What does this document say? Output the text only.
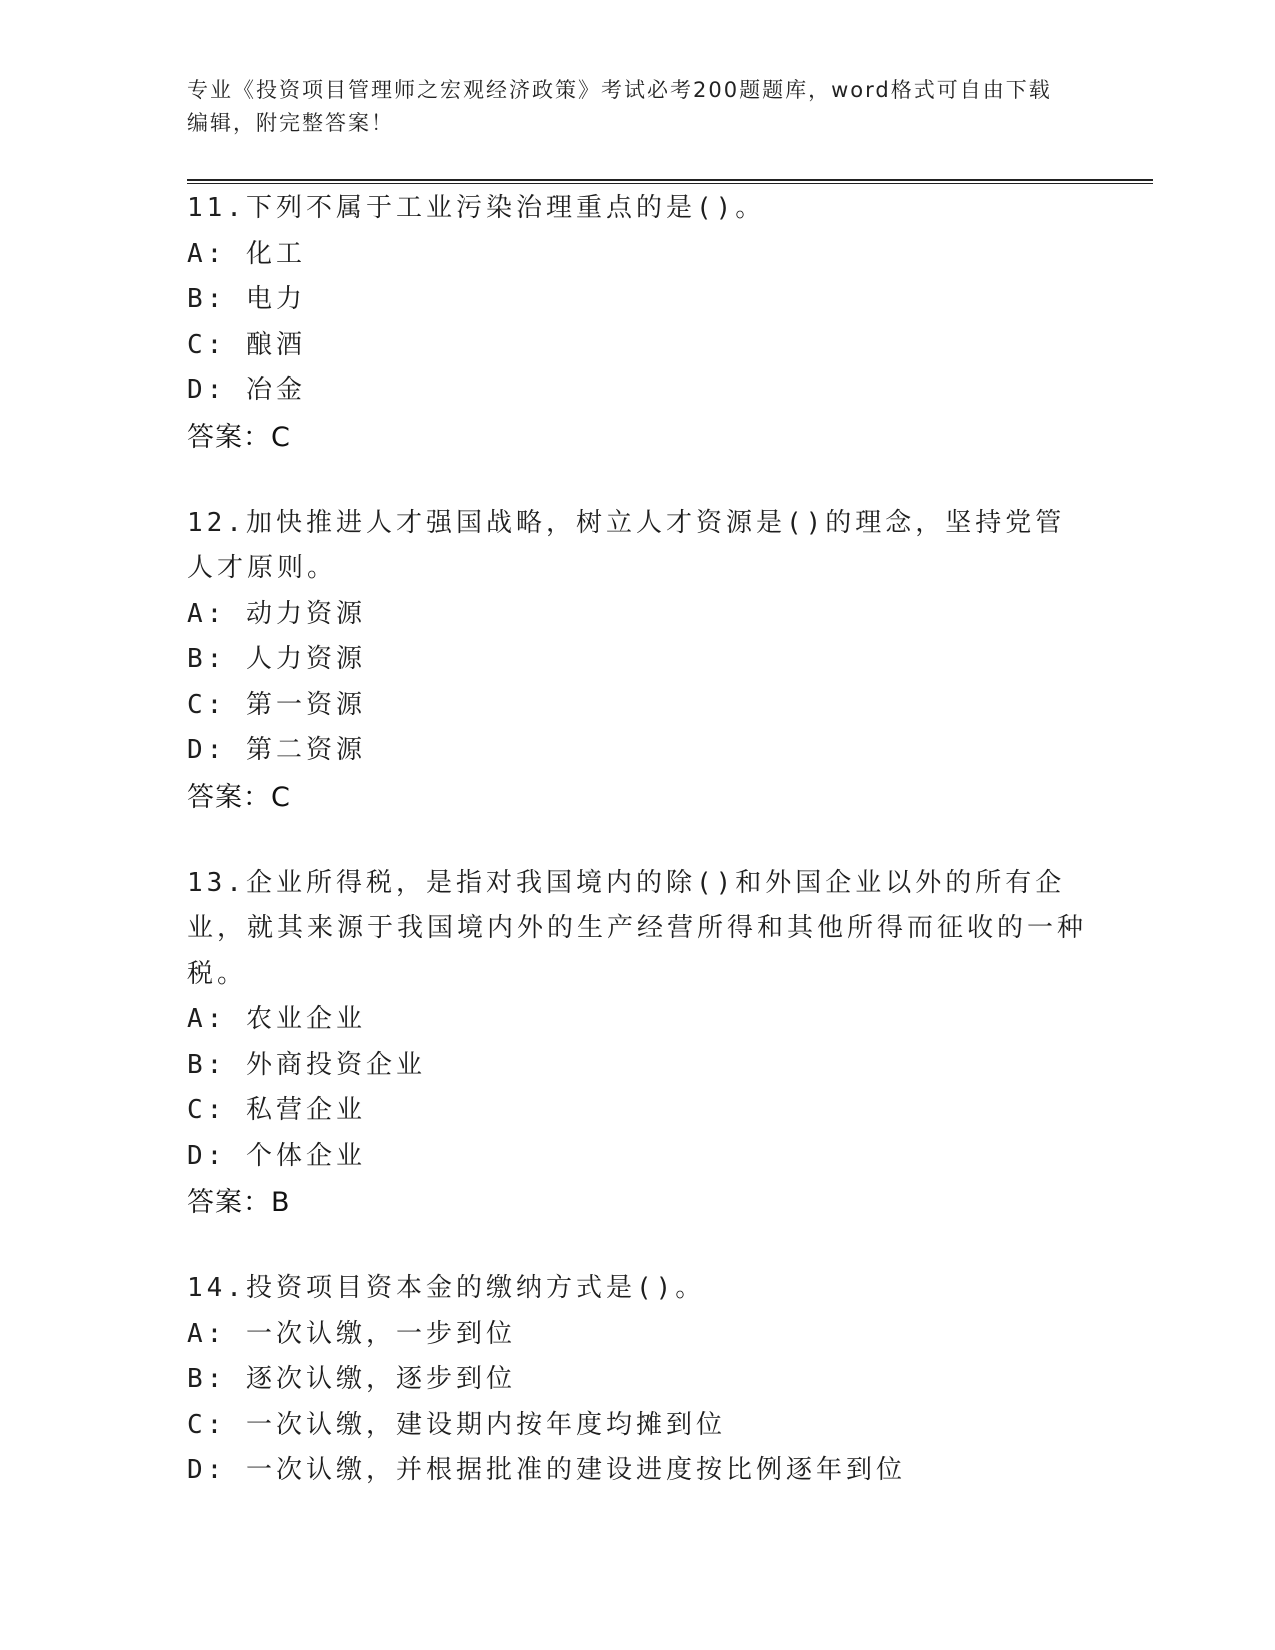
专业《投资项目管理师之宏观经济政策》考试必考200题题库，word格式可自由下载编辑，附完整答案！
11.下列不属于工业污染治理重点的是()。
A: 化工
B: 电力
C: 酿酒
D: 冶金
答案：C
12.加快推进人才强国战略，树立人才资源是()的理念，坚持党管人才原则。
A: 动力资源
B: 人力资源
C: 第一资源
D: 第二资源
答案：C
13.企业所得税，是指对我国境内的除()和外国企业以外的所有企业，就其来源于我国境内外的生产经营所得和其他所得而征收的一种税。
A: 农业企业
B: 外商投资企业
C: 私营企业
D: 个体企业
答案：B
14.投资项目资本金的缴纳方式是()。
A: 一次认缴，一步到位
B: 逐次认缴，逐步到位
C: 一次认缴，建设期内按年度均摊到位
D: 一次认缴，并根据批准的建设进度按比例逐年到位
